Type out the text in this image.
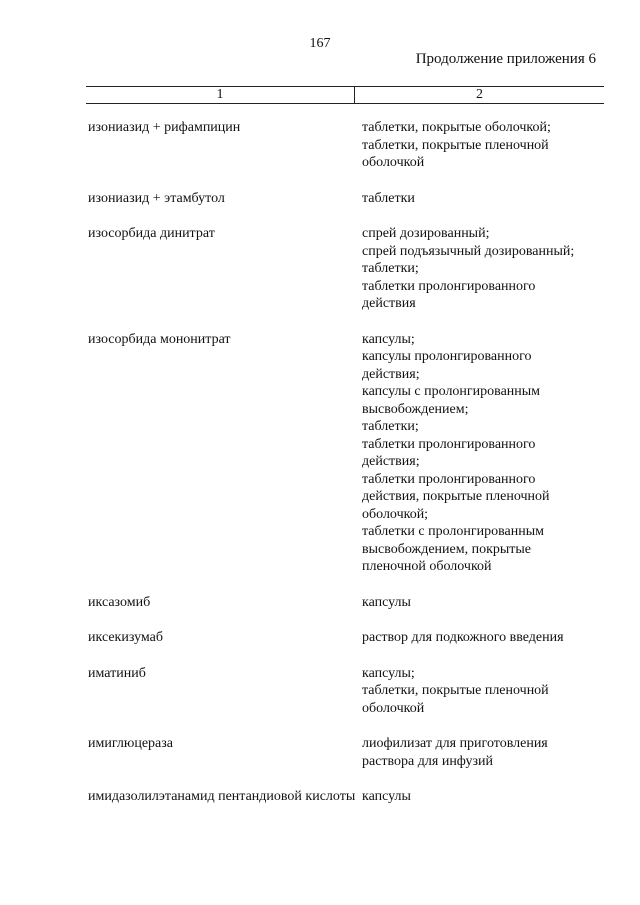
167
Продолжение приложения 6
1	2
изониазид + рифампицин	таблетки, покрытые оболочкой;
таблетки, покрытые пленочной
оболочкой
изониазид + этамбутол	таблетки
изосорбида динитрат	спрей дозированный;
спрей подъязычный дозированный;
таблетки;
таблетки пролонгированного
действия
изосорбида мононитрат	капсулы;
капсулы пролонгированного
действия;
капсулы с пролонгированным
высвобождением;
таблетки;
таблетки пролонгированного
действия;
таблетки пролонгированного
действия, покрытые пленочной
оболочкой;
таблетки с пролонгированным
высвобождением, покрытые
пленочной оболочкой
иксазомиб	капсулы
иксекизумаб	раствор для подкожного введения
иматиниб	капсулы;
таблетки, покрытые пленочной
оболочкой
имиглюцераза	лиофилизат для приготовления
раствора для инфузий
имидазолилэтанамид пентандиовой кислоты капсулы
